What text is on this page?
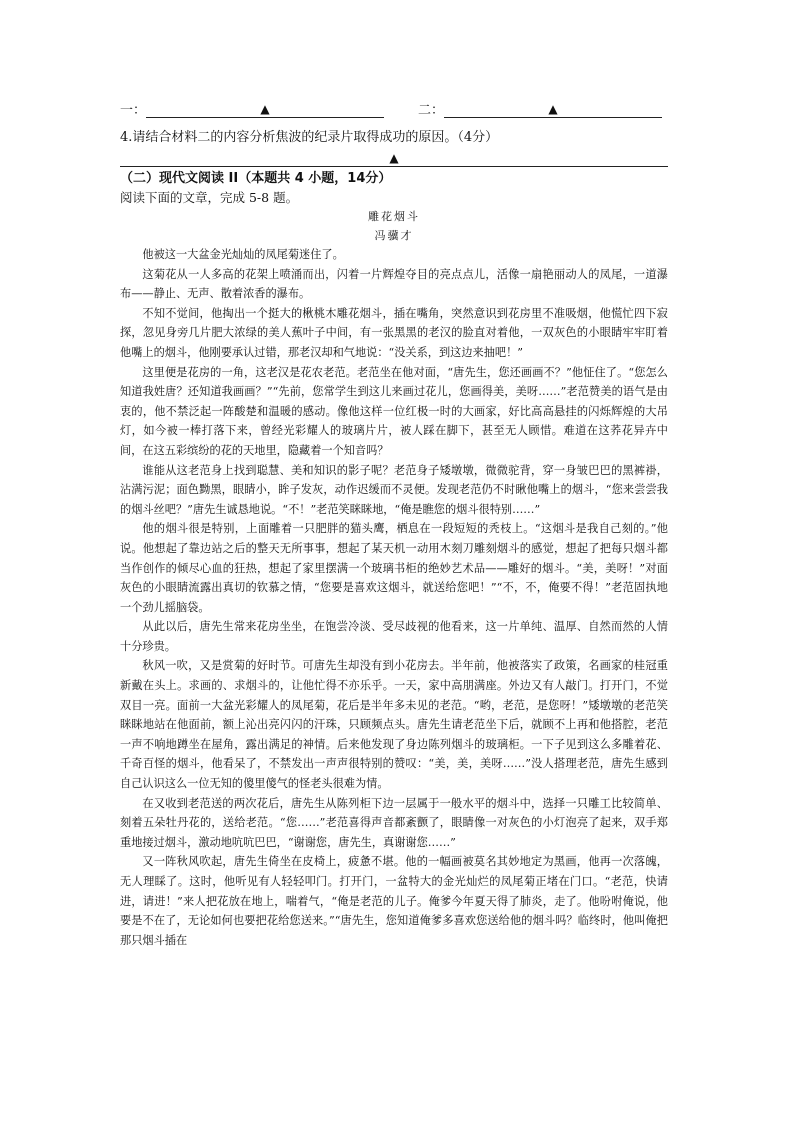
一：	▲	二：	▲
4.请结合材料二的内容分析焦波的纪录片取得成功的原因。（4分）
▲
（二）现代文阅读 II（本题共 4 小题，14分）
阅读下面的文章，完成 5-8 题。
雕花烟斗
冯骥才

他被这一大盆金光灿灿的凤尾菊迷住了。

这菊花从一人多高的花架上喷涌而出，闪着一片辉煌夺目的亮点点儿，活像一扇艳丽动人的凤尾，一道瀑布——静止、无声、散着浓香的瀑布。

不知不觉间，他掏出一个挺大的楸桃木雕花烟斗，插在嘴角，突然意识到花房里不准吸烟，他慌忙四下寂探，忽见身旁几片肥大浓绿的美人蕉叶子中间，有一张黑黑的老汉的脸直对着他，一双灰色的小眼睛牢牢盯着他嘴上的烟斗，他刚要承认过错，那老汉却和气地说：“没关系，到这边来抽吧！”

这里便是花房的一角，这老汉是花农老范。老范坐在他对面，“唐先生，您还画画不？”他怔住了。“您怎么知道我姓唐？还知道我画画？”“先前，您常学生到这儿来画过花儿，您画得美，美呀……”老范赞美的语气是由衷的，他不禁泛起一阵酸楚和温暖的感动。像他这样一位红极一时的大画家，好比高高悬挂的闪烁辉煌的大吊灯，如今被一棒打落下来，曾经光彩耀人的玻璃片片，被人踩在脚下，甚至无人顾惜。难道在这荞花异卉中间，在这五彩缤纷的花的天地里，隐藏着一个知音吗？

谁能从这老范身上找到聪慧、美和知识的影子呢？老范身子矮墩墩，微微驼背，穿一身皱巴巴的黑裤褂，沾满污泥；面色黝黑，眼睛小，眸子发灰，动作迟缓而不灵便。发现老范仍不时瞅他嘴上的烟斗，“您来尝尝我的烟斗丝吧？”唐先生诚恳地说。“不！”老范笑眯眯地，“俺是瞧您的烟斗很特别……”

他的烟斗很是特别，上面雕着一只肥胖的猫头鹰，栖息在一段短短的秃枝上。“这烟斗是我自己刻的。”他说。他想起了靠边站之后的整天无所事事，想起了某天机一动用木刻刀雕刻烟斗的感觉，想起了把每只烟斗都当作创作的倾尽心血的狂热，想起了家里摆满一个玻璃书柜的绝妙艺术品——雕好的烟斗。“美，美呀！”对面灰色的小眼睛流露出真切的钦慕之情，“您要是喜欢这烟斗，就送给您吧！”“不，不，俺要不得！”老范固执地一个劲儿摇脑袋。

从此以后，唐先生常来花房坐坐，在饱尝冷淡、受尽歧视的他看来，这一片单纯、温厚、自然而然的人情十分珍贵。

秋风一吹，又是赏菊的好时节。可唐先生却没有到小花房去。半年前，他被落实了政策，名画家的桂冠重新戴在头上。求画的、求烟斗的，让他忙得不亦乐乎。一天，家中高朋满座。外边又有人敲门。打开门，不觉双目一亮。面前一大盆光彩耀人的凤尾菊，花后是半年多未见的老范。“哟，老范，是您呀！”矮墩墩的老范笑眯眯地站在他面前，额上沁出亮闪闪的汗珠，只顾频点头。唐先生请老范坐下后，就顾不上再和他搭腔，老范一声不响地蹲坐在屋角，露出满足的神情。后来他发现了身边陈列烟斗的玻璃柜。一下子见到这么多雕着花、千奇百怪的烟斗，他看呆了，不禁发出一声声很特别的赞叹：“美，美，美呀……”没人搭理老范，唐先生感到自己认识这么一位无知的傻里傻气的怪老头很难为情。

在又收到老范送的两次花后，唐先生从陈列柜下边一层属于一般水平的烟斗中，选择一只雕工比较简单、刻着五朵牡丹花的，送给老范。“您……”老范喜得声音都紊颤了，眼睛像一对灰色的小灯泡亮了起来，双手郑重地接过烟斗，激动地吭吭巴巴，“谢谢您，唐先生，真谢谢您……”

又一阵秋风吹起，唐先生倚坐在皮椅上，疲惫不堪。他的一幅画被莫名其妙地定为黑画，他再一次落魄，无人理睬了。这时，他听见有人轻轻叩门。打开门，一盆特大的金光灿烂的凤尾菊正堵在门口。“老范，快请进，请进！”来人把花放在地上，喘着气，“俺是老范的儿子。俺爹今年夏天得了肺炎，走了。他吩咐俺说，他要是不在了，无论如何也要把花给您送来。”“唐先生，您知道俺爹多喜欢您送给他的烟斗吗？临终时，他叫俺把那只烟斗插在
